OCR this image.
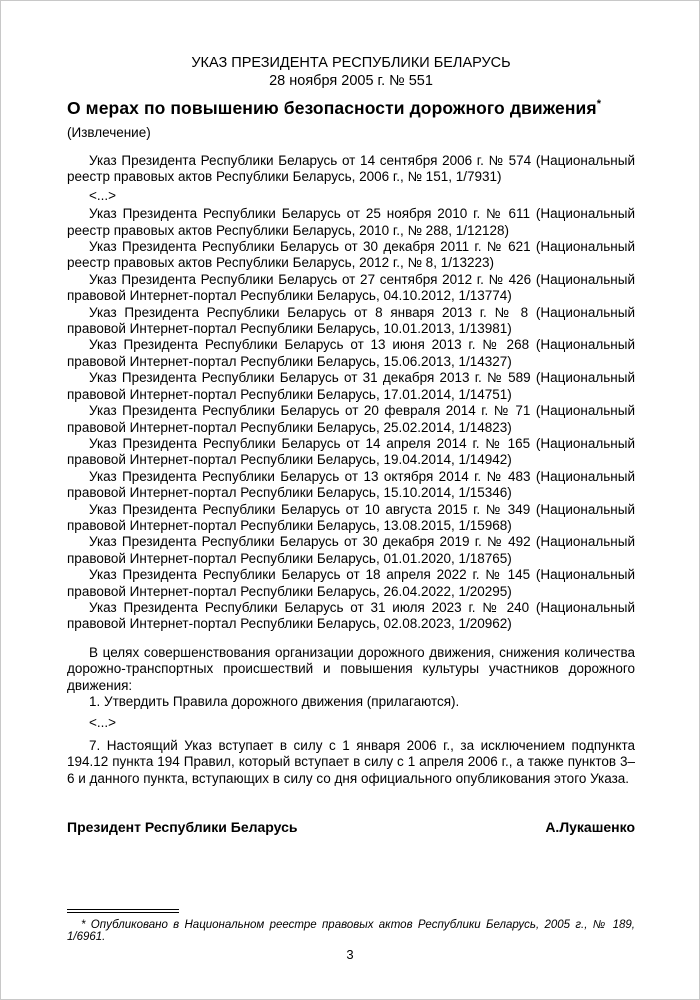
УКАЗ ПРЕЗИДЕНТА РЕСПУБЛИКИ БЕЛАРУСЬ
28 ноября 2005 г. № 551
О мерах по повышению безопасности дорожного движения*
(Извлечение)

Указ Президента Республики Беларусь от 14 сентября 2006 г. № 574 (Национальный реестр правовых актов Республики Беларусь, 2006 г., № 151, 1/7931)

<...>

Указ Президента Республики Беларусь от 25 ноября 2010 г. № 611 (Национальный реестр правовых актов Республики Беларусь, 2010 г., № 288, 1/12128)

Указ Президента Республики Беларусь от 30 декабря 2011 г. № 621 (Национальный реестр правовых актов Республики Беларусь, 2012 г., № 8, 1/13223)

Указ Президента Республики Беларусь от 27 сентября 2012 г. № 426 (Национальный правовой Интернет-портал Республики Беларусь, 04.10.2012, 1/13774)

Указ Президента Республики Беларусь от 8 января 2013 г. № 8 (Национальный правовой Интернет-портал Республики Беларусь, 10.01.2013, 1/13981)

Указ Президента Республики Беларусь от 13 июня 2013 г. № 268 (Национальный правовой Интернет-портал Республики Беларусь, 15.06.2013, 1/14327)

Указ Президента Республики Беларусь от 31 декабря 2013 г. № 589 (Национальный правовой Интернет-портал Республики Беларусь, 17.01.2014, 1/14751)

Указ Президента Республики Беларусь от 20 февраля 2014 г. № 71 (Национальный правовой Интернет-портал Республики Беларусь, 25.02.2014, 1/14823)

Указ Президента Республики Беларусь от 14 апреля 2014 г. № 165 (Национальный правовой Интернет-портал Республики Беларусь, 19.04.2014, 1/14942)

Указ Президента Республики Беларусь от 13 октября 2014 г. № 483 (Национальный правовой Интернет-портал Республики Беларусь, 15.10.2014, 1/15346)

Указ Президента Республики Беларусь от 10 августа 2015 г. № 349 (Национальный правовой Интернет-портал Республики Беларусь, 13.08.2015, 1/15968)

Указ Президента Республики Беларусь от 30 декабря 2019 г. № 492 (Национальный правовой Интернет-портал Республики Беларусь, 01.01.2020, 1/18765)

Указ Президента Республики Беларусь от 18 апреля 2022 г. № 145 (Национальный правовой Интернет-портал Республики Беларусь, 26.04.2022, 1/20295)

Указ Президента Республики Беларусь от 31 июля 2023 г. № 240 (Национальный правовой Интернет-портал Республики Беларусь, 02.08.2023, 1/20962)

В целях совершенствования организации дорожного движения, снижения количества дорожно-транспортных происшествий и повышения культуры участников дорожного движения:

1. Утвердить Правила дорожного движения (прилагаются).

<...>

7. Настоящий Указ вступает в силу с 1 января 2006 г., за исключением подпункта 194.12 пункта 194 Правил, который вступает в силу с 1 апреля 2006 г., а также пунктов 3–6 и данного пункта, вступающих в силу со дня официального опубликования этого Указа.

Президент Республики Беларусь	А.Лукашенко
* Опубликовано в Национальном реестре правовых актов Республики Беларусь, 2005 г., № 189, 1/6961.
3
